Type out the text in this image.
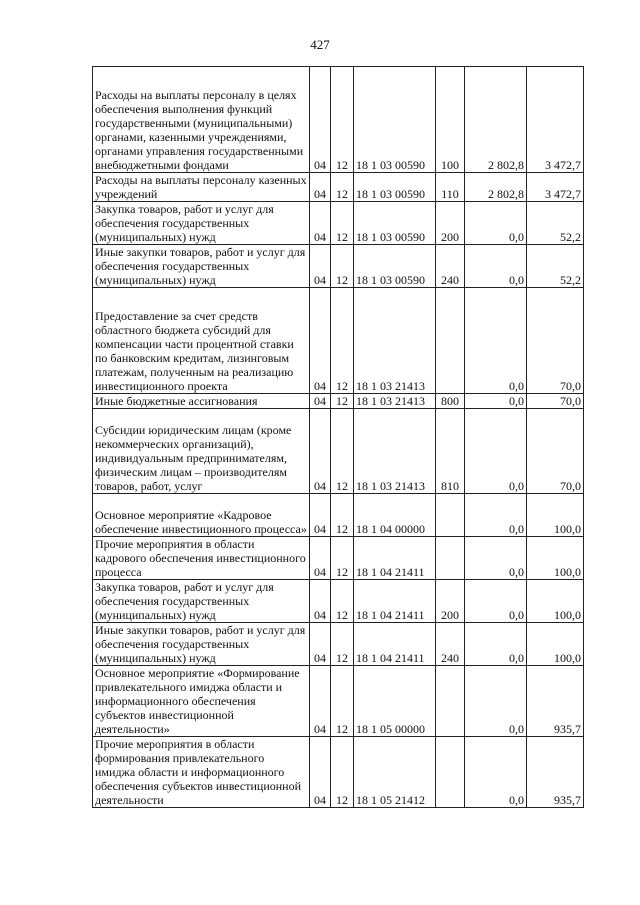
427
Расходы на выплаты персоналу в целях обеспечения выполнения функций государственными (муниципальными) органами, казенными учреждениями, органами управления государственными внебюджетными фондами	04	12	18 1 03 00590	100	2 802,8	3 472,7
Расходы на выплаты персоналу казенных учреждений	04	12	18 1 03 00590	110	2 802,8	3 472,7
Закупка товаров, работ и услуг для обеспечения государственных (муниципальных) нужд	04	12	18 1 03 00590	200	0,0	52,2
Иные закупки товаров, работ и услуг для обеспечения государственных (муниципальных) нужд	04	12	18 1 03 00590	240	0,0	52,2
Предоставление за счет средств областного бюджета субсидий для компенсации части процентной ставки по банковским кредитам, лизинговым платежам, полученным на реализацию инвестиционного проекта	04	12	18 1 03 21413		0,0	70,0
Иные бюджетные ассигнования	04	12	18 1 03 21413	800	0,0	70,0
Субсидии юридическим лицам (кроме некоммерческих организаций), индивидуальным предпринимателям, физическим лицам – производителям товаров, работ, услуг	04	12	18 1 03 21413	810	0,0	70,0
Основное мероприятие «Кадровое обеспечение инвестиционного процесса»	04	12	18 1 04 00000		0,0	100,0
Прочие мероприятия в области кадрового обеспечения инвестиционного процесса	04	12	18 1 04 21411		0,0	100,0
Закупка товаров, работ и услуг для обеспечения государственных (муниципальных) нужд	04	12	18 1 04 21411	200	0,0	100,0
Иные закупки товаров, работ и услуг для обеспечения государственных (муниципальных) нужд	04	12	18 1 04 21411	240	0,0	100,0
Основное мероприятие «Формирование привлекательного имиджа области и информационного обеспечения субъектов инвестиционной деятельности»	04	12	18 1 05 00000		0,0	935,7
Прочие мероприятия в области формирования привлекательного имиджа области и информационного обеспечения субъектов инвестиционной деятельности	04	12	18 1 05 21412		0,0	935,7
